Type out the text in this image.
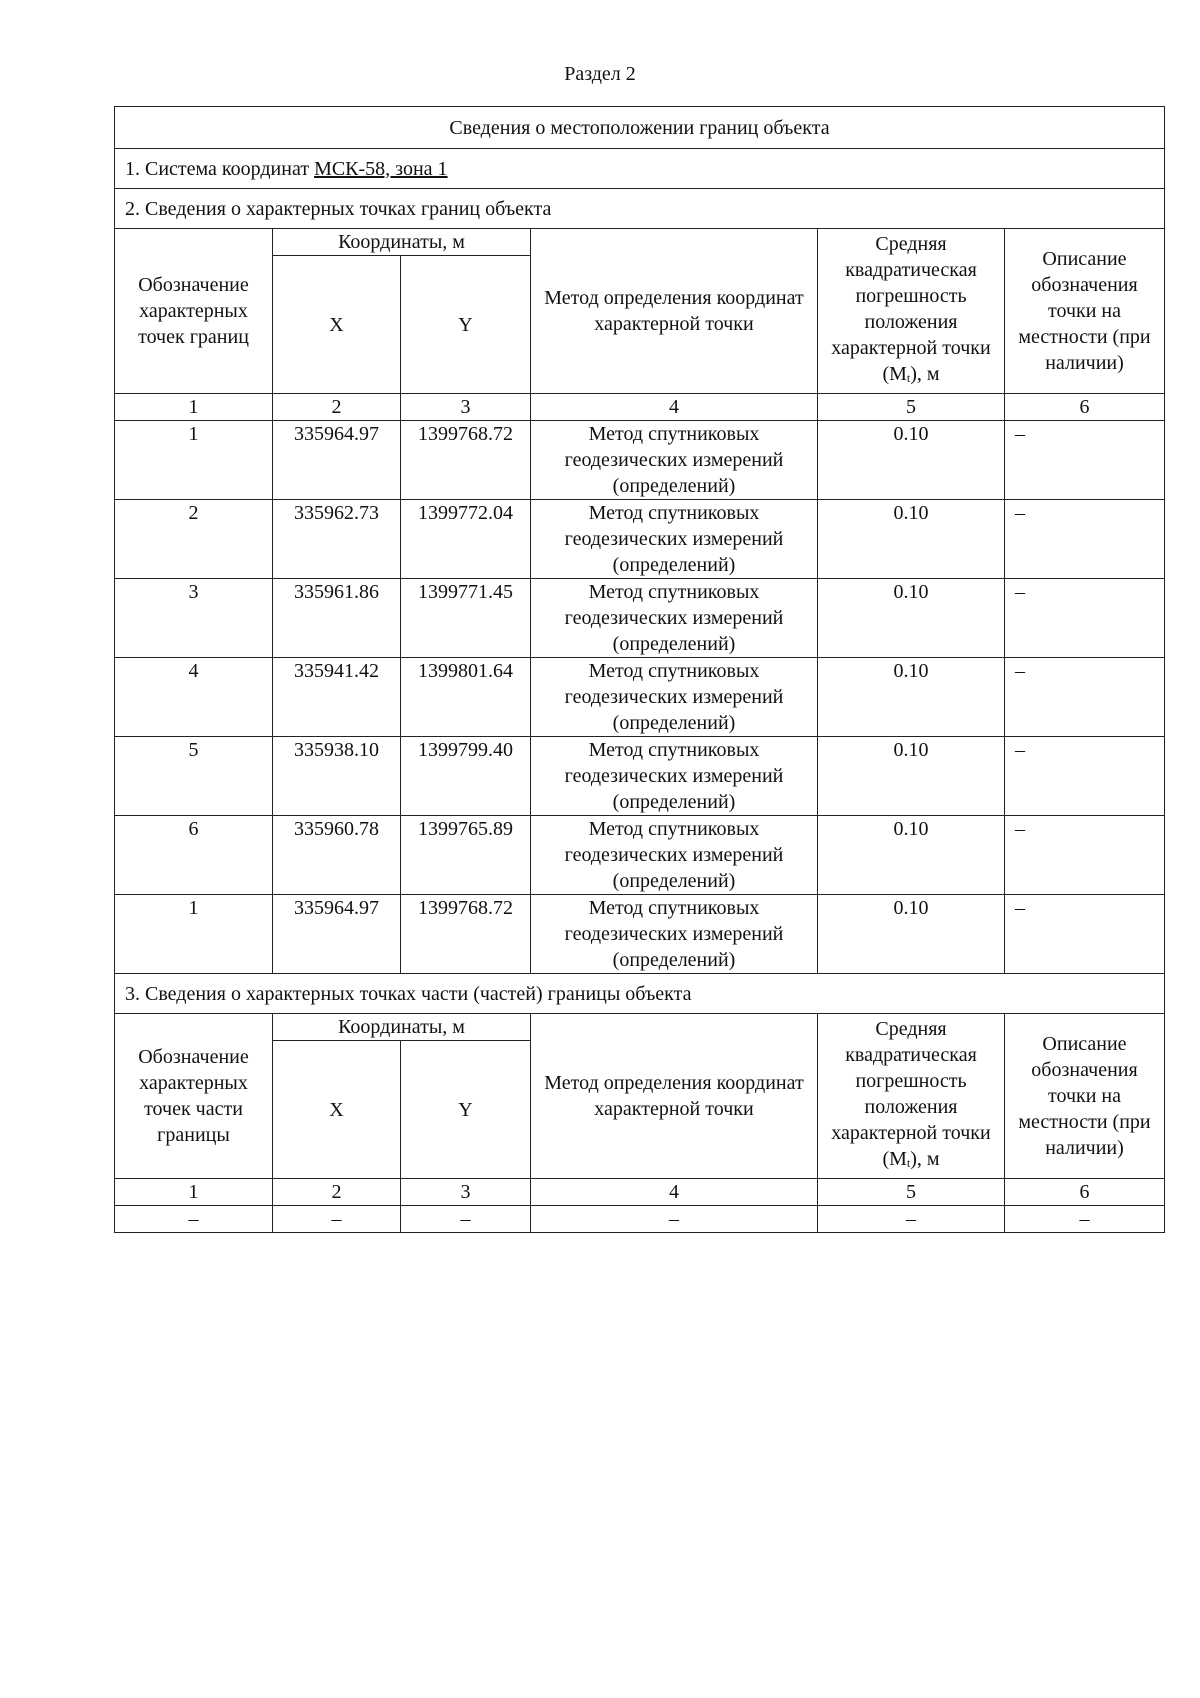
Раздел 2
Сведения о местоположении границ объекта					
1. Система координат МСК-58, зона 1					
2. Сведения о характерных точках границ объекта					
Обозначение характерных точек границ	Координаты, м		Метод определения координат характерной точки	Средняя квадратическая погрешность положения характерной точки (Mt), м	Описание обозначения точки на местности (при наличии)
	X	Y			
1	2	3	4	5	6
1	335964.97	1399768.72	Метод спутниковых геодезических измерений (определений)	0.10	–
2	335962.73	1399772.04	Метод спутниковых геодезических измерений (определений)	0.10	–
3	335961.86	1399771.45	Метод спутниковых геодезических измерений (определений)	0.10	–
4	335941.42	1399801.64	Метод спутниковых геодезических измерений (определений)	0.10	–
5	335938.10	1399799.40	Метод спутниковых геодезических измерений (определений)	0.10	–
6	335960.78	1399765.89	Метод спутниковых геодезических измерений (определений)	0.10	–
1	335964.97	1399768.72	Метод спутниковых геодезических измерений (определений)	0.10	–
3. Сведения о характерных точках части (частей) границы объекта					
Обозначение характерных точек части границы	Координаты, м		Метод определения координат характерной точки	Средняя квадратическая погрешность положения характерной точки (Mt), м	Описание обозначения точки на местности (при наличии)
	X	Y			
1	2	3	4	5	6
–	–	–	–	–	–
